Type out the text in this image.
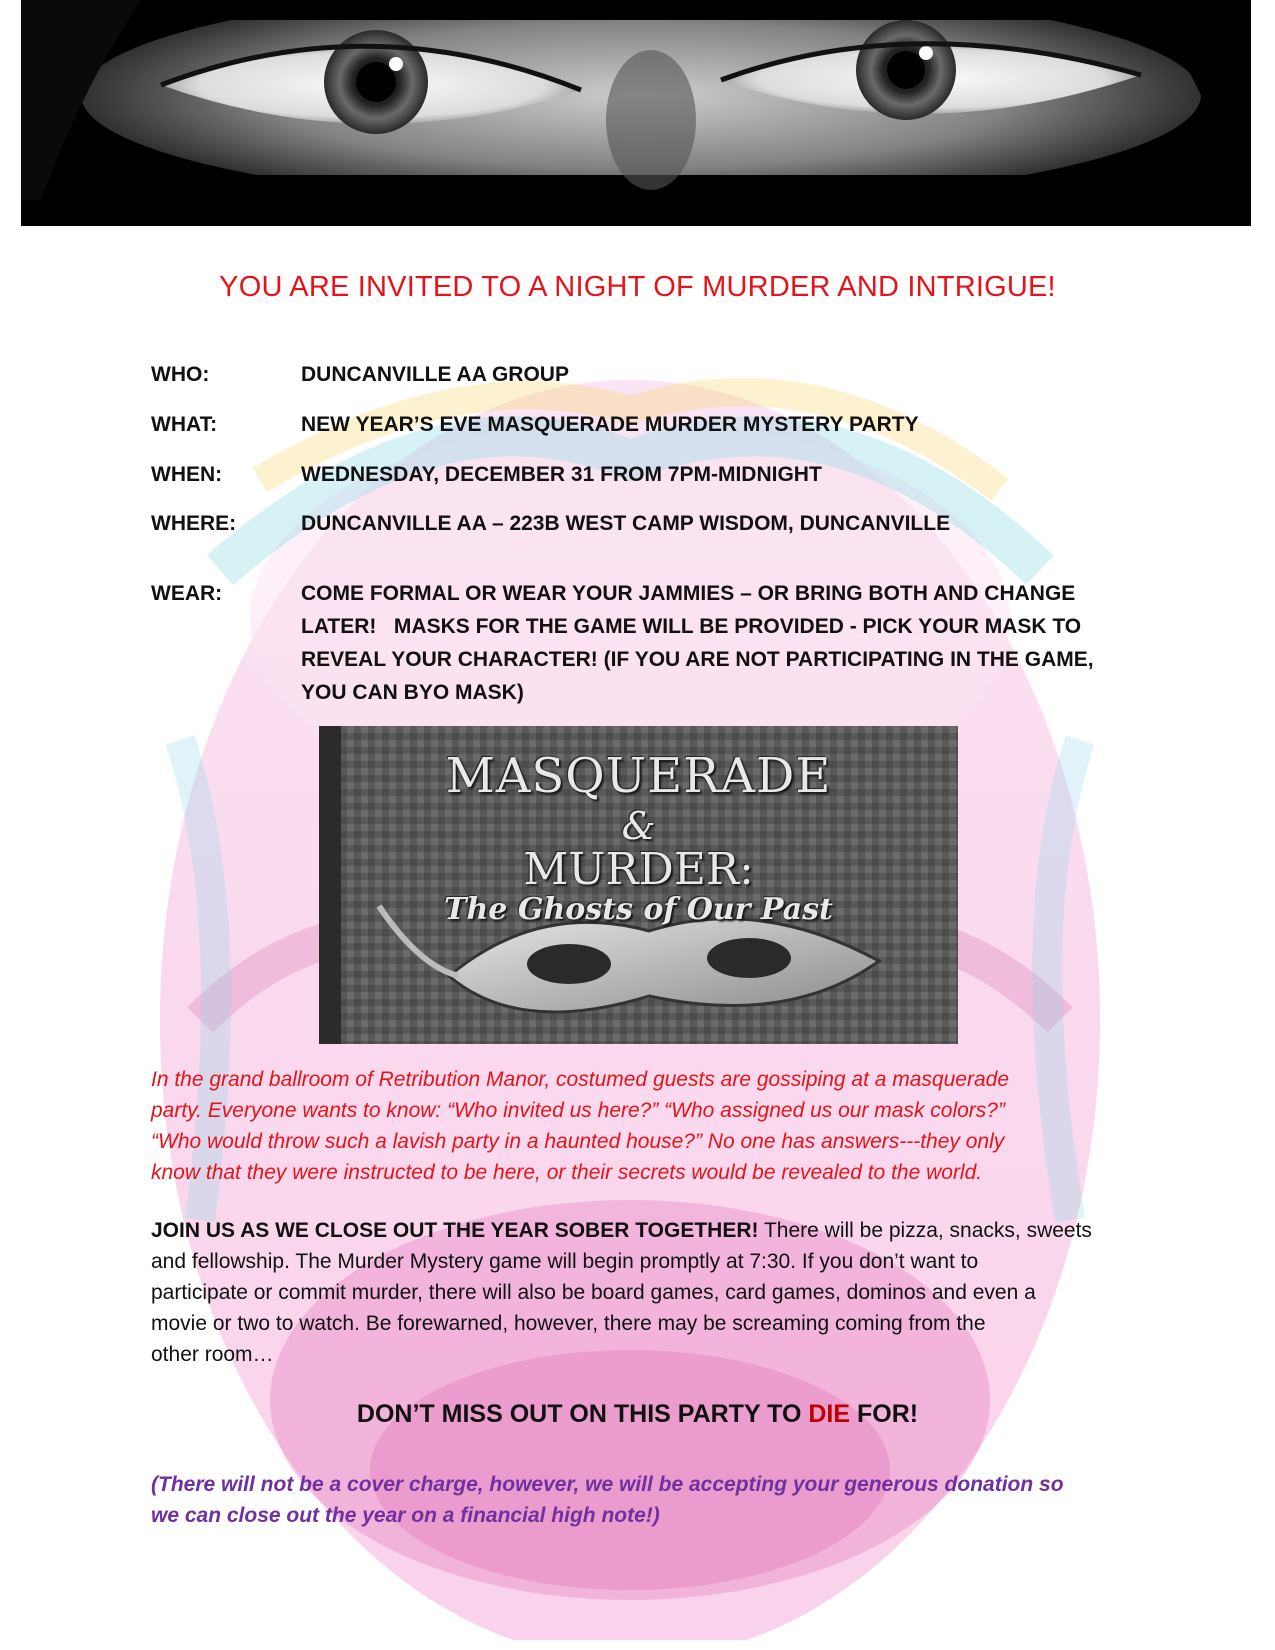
YOU ARE INVITED TO A NIGHT OF MURDER AND INTRIGUE!
WHO:	DUNCANVILLE AA GROUP
WHAT:	NEW YEAR’S EVE MASQUERADE MURDER MYSTERY PARTY
WHEN:	WEDNESDAY, DECEMBER 31 FROM 7PM-MIDNIGHT
WHERE:	DUNCANVILLE AA – 223B WEST CAMP WISDOM, DUNCANVILLE
WEAR:	COME FORMAL OR WEAR YOUR JAMMIES – OR BRING BOTH AND CHANGE
LATER!   MASKS FOR THE GAME WILL BE PROVIDED - PICK YOUR MASK TO
REVEAL YOUR CHARACTER! (IF YOU ARE NOT PARTICIPATING IN THE GAME,
YOU CAN BYO MASK)
MASQUERADE
&
MURDER:
The Ghosts of Our Past
In the grand ballroom of Retribution Manor, costumed guests are gossiping at a masquerade
party. Everyone wants to know: “Who invited us here?” “Who assigned us our mask colors?”
“Who would throw such a lavish party in a haunted house?” No one has answers---they only
know that they were instructed to be here, or their secrets would be revealed to the world.
JOIN US AS WE CLOSE OUT THE YEAR SOBER TOGETHER! There will be pizza, snacks, sweets
and fellowship. The Murder Mystery game will begin promptly at 7:30. If you don’t want to
participate or commit murder, there will also be board games, card games, dominos and even a
movie or two to watch. Be forewarned, however, there may be screaming coming from the
other room…
DON’T MISS OUT ON THIS PARTY TO DIE FOR!
(There will not be a cover charge, however, we will be accepting your generous donation so
we can close out the year on a financial high note!)
